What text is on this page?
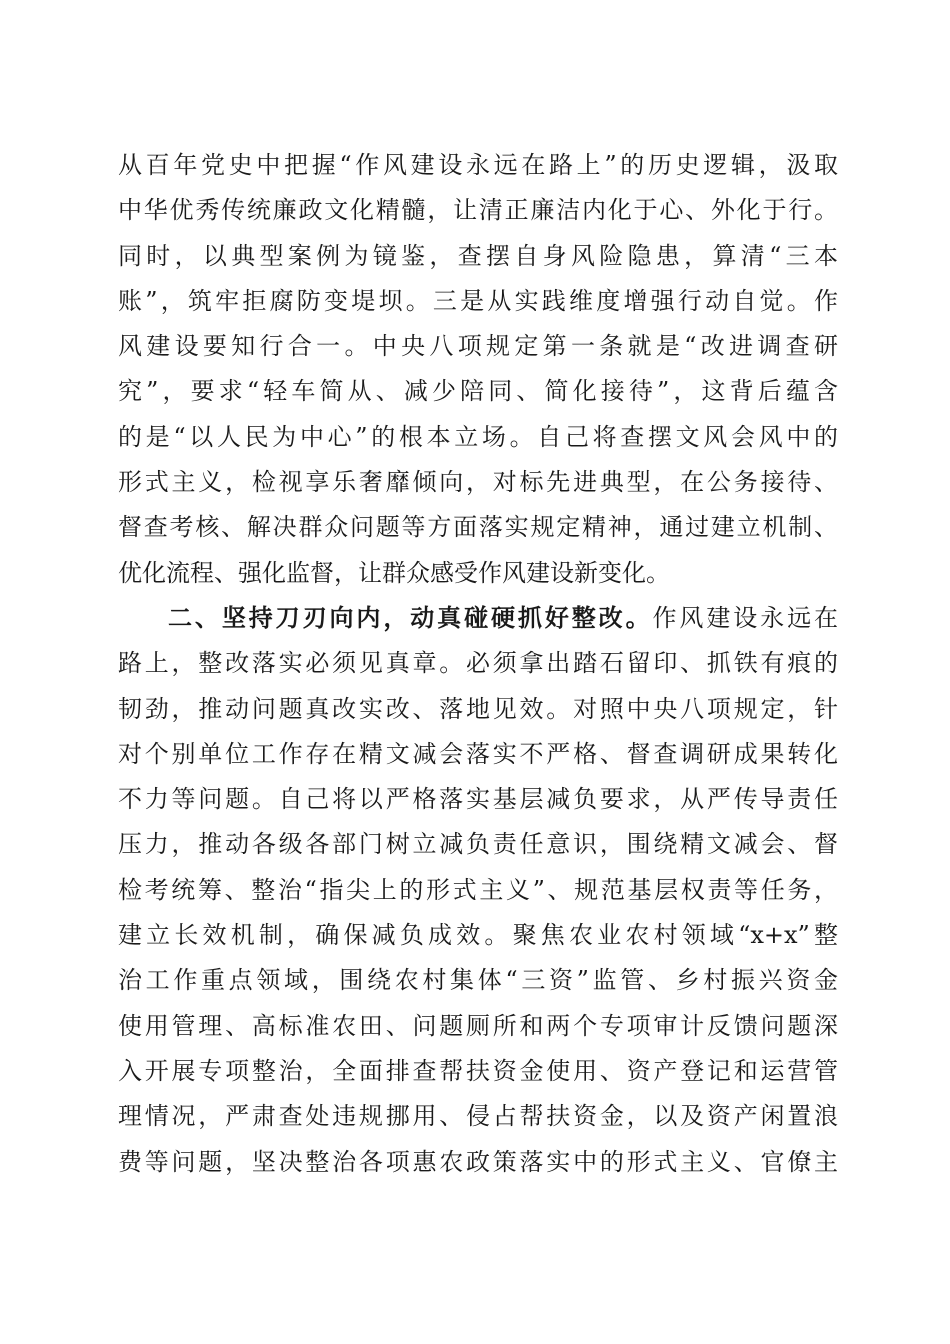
从百年党史中把握“作风建设永远在路上”的历史逻辑，汲取
中华优秀传统廉政文化精髓，让清正廉洁内化于心、外化于行。
同时，以典型案例为镜鉴，查摆自身风险隐患，算清“三本
账”，筑牢拒腐防变堤坝。三是从实践维度增强行动自觉。作
风建设要知行合一。中央八项规定第一条就是“改进调查研
究”，要求“轻车简从、减少陪同、简化接待”，这背后蕴含
的是“以人民为中心”的根本立场。自己将查摆文风会风中的
形式主义，检视享乐奢靡倾向，对标先进典型，在公务接待、
督查考核、解决群众问题等方面落实规定精神，通过建立机制、
优化流程、强化监督，让群众感受作风建设新变化。
二、坚持刀刃向内，动真碰硬抓好整改。作风建设永远在
路上，整改落实必须见真章。必须拿出踏石留印、抓铁有痕的
韧劲，推动问题真改实改、落地见效。对照中央八项规定，针
对个别单位工作存在精文减会落实不严格、督查调研成果转化
不力等问题。自己将以严格落实基层减负要求，从严传导责任
压力，推动各级各部门树立减负责任意识，围绕精文减会、督
检考统筹、整治“指尖上的形式主义”、规范基层权责等任务，
建立长效机制，确保减负成效。聚焦农业农村领域“x+x”整
治工作重点领域，围绕农村集体“三资”监管、乡村振兴资金
使用管理、高标准农田、问题厕所和两个专项审计反馈问题深
入开展专项整治，全面排查帮扶资金使用、资产登记和运营管
理情况，严肃查处违规挪用、侵占帮扶资金，以及资产闲置浪
费等问题，坚决整治各项惠农政策落实中的形式主义、官僚主
